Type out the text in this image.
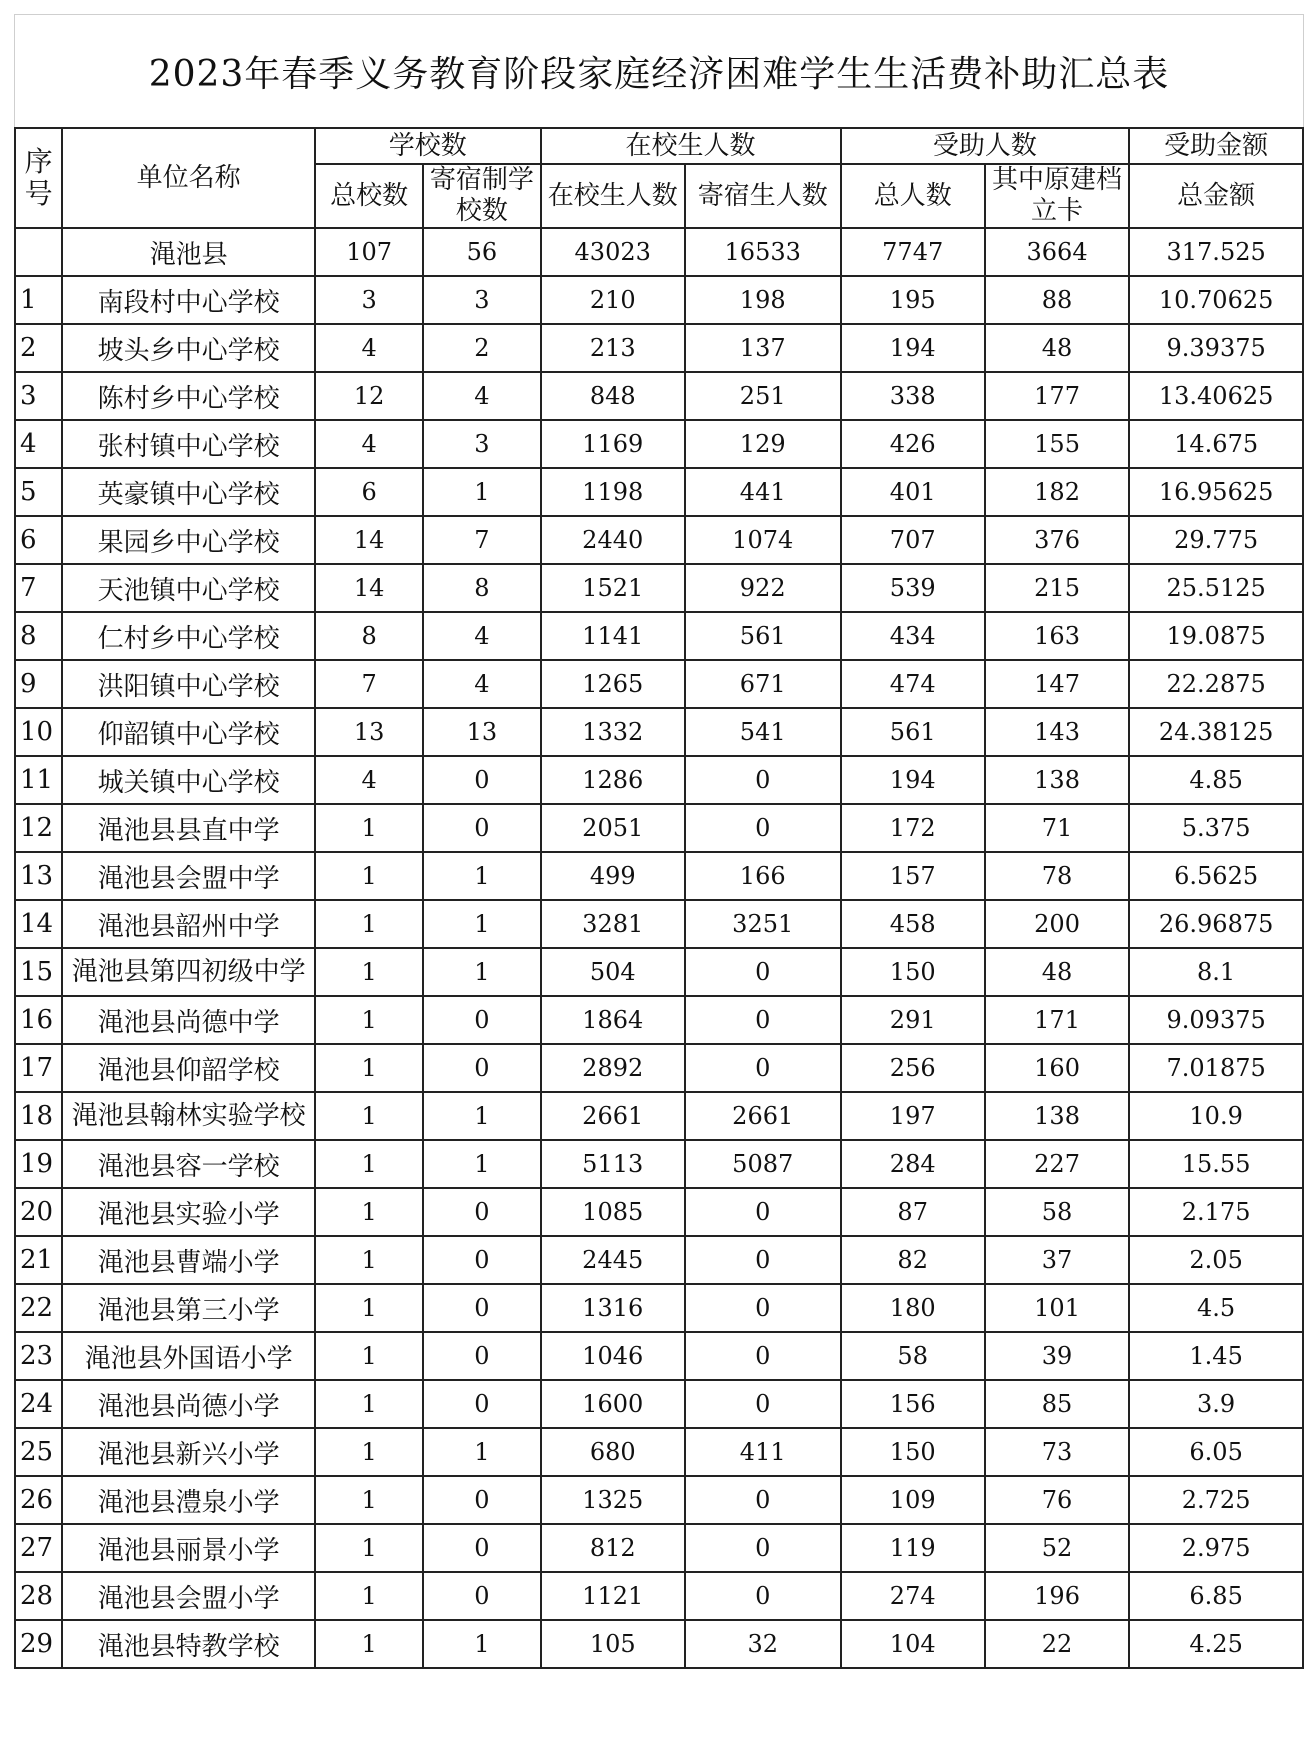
2023年春季义务教育阶段家庭经济困难学生生活费补助汇总表
序号	单位名称	学校数		在校生人数		受助人数		受助金额
		总校数	寄宿制学校数	在校生人数	寄宿生人数	总人数	其中原建档立卡	总金额
	渑池县	107	56	43023	16533	7747	3664	317.525
1	南段村中心学校	3	3	210	198	195	88	10.70625
2	坡头乡中心学校	4	2	213	137	194	48	9.39375
3	陈村乡中心学校	12	4	848	251	338	177	13.40625
4	张村镇中心学校	4	3	1169	129	426	155	14.675
5	英豪镇中心学校	6	1	1198	441	401	182	16.95625
6	果园乡中心学校	14	7	2440	1074	707	376	29.775
7	天池镇中心学校	14	8	1521	922	539	215	25.5125
8	仁村乡中心学校	8	4	1141	561	434	163	19.0875
9	洪阳镇中心学校	7	4	1265	671	474	147	22.2875
10	仰韶镇中心学校	13	13	1332	541	561	143	24.38125
11	城关镇中心学校	4	0	1286	0	194	138	4.85
12	渑池县县直中学	1	0	2051	0	172	71	5.375
13	渑池县会盟中学	1	1	499	166	157	78	6.5625
14	渑池县韶州中学	1	1	3281	3251	458	200	26.96875
15	渑池县第四初级中学	1	1	504	0	150	48	8.1
16	渑池县尚德中学	1	0	1864	0	291	171	9.09375
17	渑池县仰韶学校	1	0	2892	0	256	160	7.01875
18	渑池县翰林实验学校	1	1	2661	2661	197	138	10.9
19	渑池县容一学校	1	1	5113	5087	284	227	15.55
20	渑池县实验小学	1	0	1085	0	87	58	2.175
21	渑池县曹端小学	1	0	2445	0	82	37	2.05
22	渑池县第三小学	1	0	1316	0	180	101	4.5
23	渑池县外国语小学	1	0	1046	0	58	39	1.45
24	渑池县尚德小学	1	0	1600	0	156	85	3.9
25	渑池县新兴小学	1	1	680	411	150	73	6.05
26	渑池县澧泉小学	1	0	1325	0	109	76	2.725
27	渑池县丽景小学	1	0	812	0	119	52	2.975
28	渑池县会盟小学	1	0	1121	0	274	196	6.85
29	渑池县特教学校	1	1	105	32	104	22	4.25
